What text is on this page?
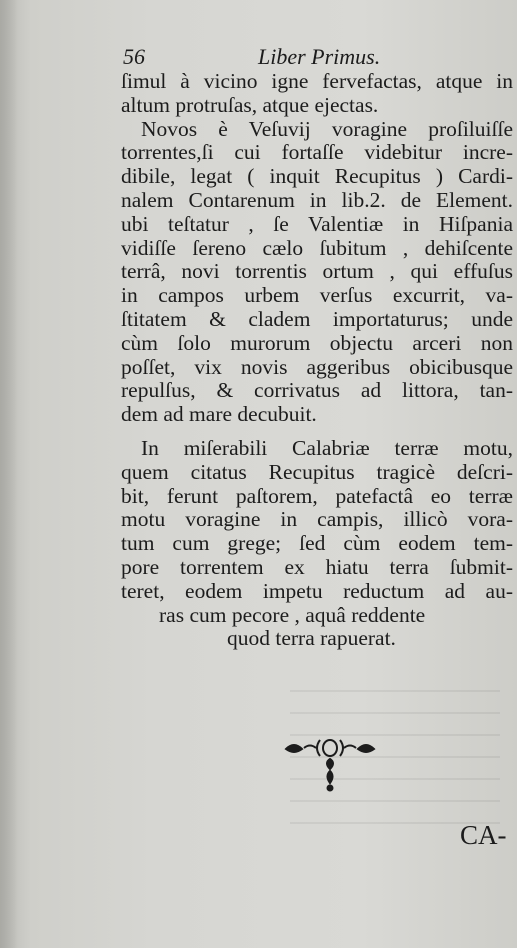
56	Liber Primus.
ſimul à vicino igne fervefactas, atque in
altum protruſas, atque ejectas.
Novos è Veſuvij voragine proſiluiſſe
torrentes,ſi cui fortaſſe videbitur incre-
dibile, legat ( inquit Recupitus ) Cardi-
nalem Contarenum in lib.2. de Element.
ubi teſtatur , ſe Valentiæ in Hiſpania
vidiſſe ſereno cælo ſubitum , dehiſcente
terrâ, novi torrentis ortum , qui effuſus
in campos urbem verſus excurrit, va-
ſtitatem & cladem importaturus; unde
cùm ſolo murorum objectu arceri non
poſſet, vix novis aggeribus obicibusque
repulſus, & corrivatus ad littora, tan-
dem ad mare decubuit.
In miſerabili Calabriæ terræ motu,
quem citatus Recupitus tragicè deſcri-
bit, ferunt paſtorem, patefactâ eo terræ
motu voragine in campis, illicò vora-
tum cum grege; ſed cùm eodem tem-
pore torrentem ex hiatu terra ſubmit-
teret, eodem impetu reductum ad au-
ras cum pecore , aquâ reddente
quod terra rapuerat.
CA-
